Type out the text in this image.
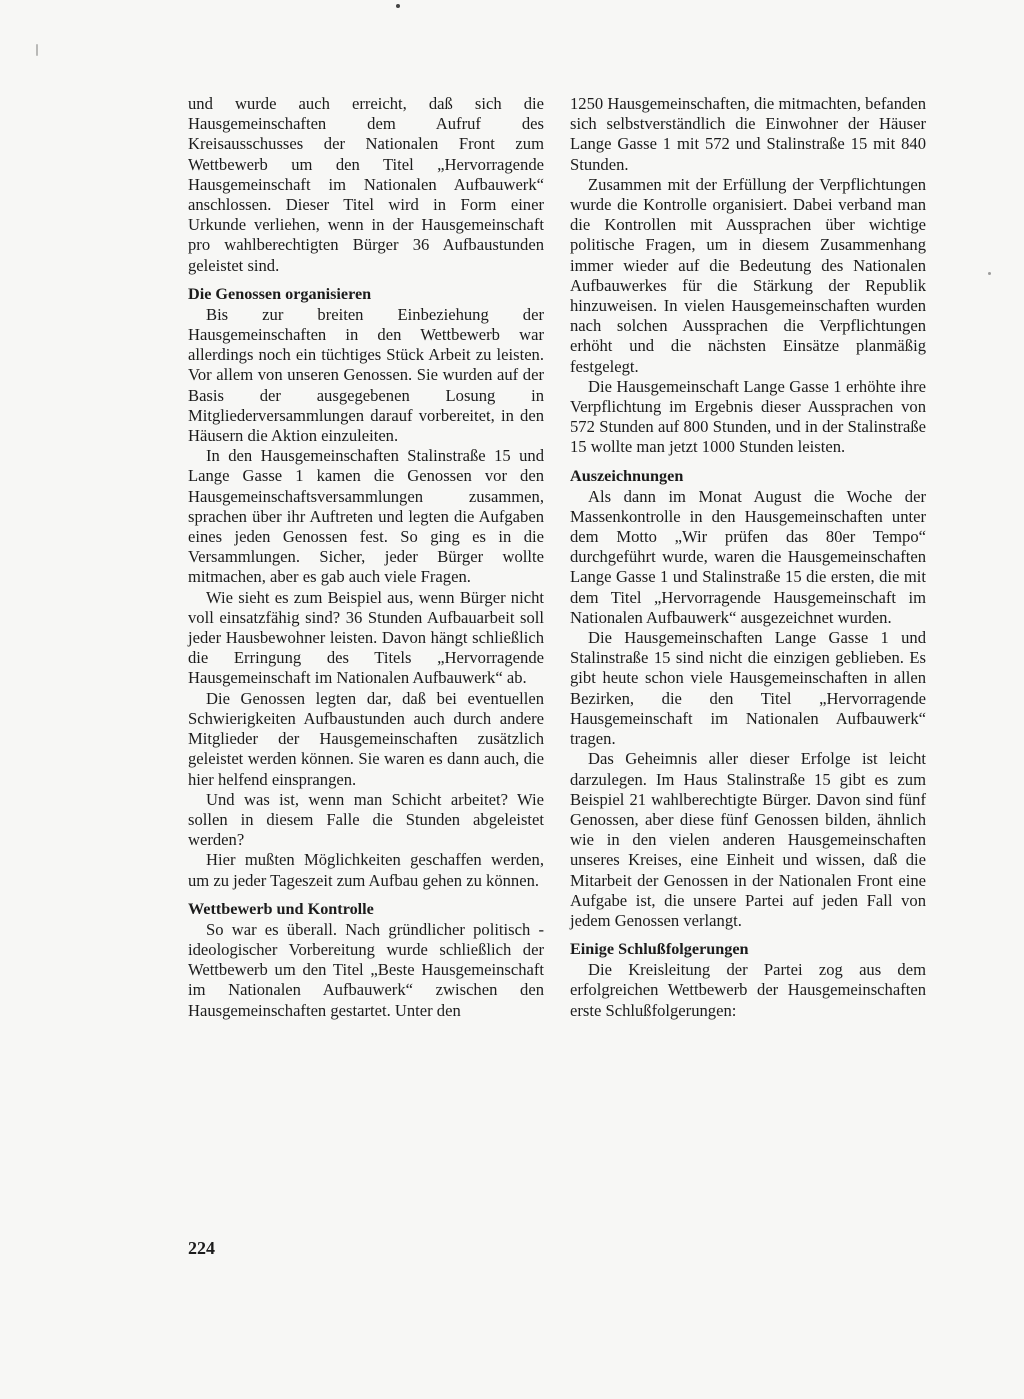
und wurde auch erreicht, daß sich die Hausgemeinschaften dem Aufruf des Kreisausschusses der Nationalen Front zum Wettbewerb um den Titel „Hervorragende Hausgemeinschaft im Nationalen Aufbauwerk“ anschlossen. Dieser Titel wird in Form einer Urkunde verliehen, wenn in der Hausgemeinschaft pro wahlberechtigten Bürger 36 Aufbaustunden geleistet sind.

Die Genossen organisieren

Bis zur breiten Einbeziehung der Hausgemeinschaften in den Wettbewerb war allerdings noch ein tüchtiges Stück Arbeit zu leisten. Vor allem von unseren Genossen. Sie wurden auf der Basis der ausgegebenen Losung in Mitgliederversammlungen darauf vorbereitet, in den Häusern die Aktion einzuleiten.

In den Hausgemeinschaften Stalinstraße 15 und Lange Gasse 1 kamen die Genossen vor den Hausgemeinschaftsversammlungen zusammen, sprachen über ihr Auftreten und legten die Aufgaben eines jeden Genossen fest. So ging es in die Versammlungen. Sicher, jeder Bürger wollte mitmachen, aber es gab auch viele Fragen.

Wie sieht es zum Beispiel aus, wenn Bürger nicht voll einsatzfähig sind? 36 Stunden Aufbauarbeit soll jeder Hausbewohner leisten. Davon hängt schließlich die Erringung des Titels „Hervorragende Hausgemeinschaft im Nationalen Aufbauwerk“ ab.

Die Genossen legten dar, daß bei eventuellen Schwierigkeiten Aufbaustunden auch durch andere Mitglieder der Hausgemeinschaften zusätzlich geleistet werden können. Sie waren es dann auch, die hier helfend einsprangen.

Und was ist, wenn man Schicht arbeitet? Wie sollen in diesem Falle die Stunden abgeleistet werden?

Hier mußten Möglichkeiten geschaffen werden, um zu jeder Tageszeit zum Aufbau gehen zu können.

Wettbewerb und Kontrolle

So war es überall. Nach gründlicher politisch - ideologischer Vorbereitung wurde schließlich der Wettbewerb um den Titel „Beste Hausgemeinschaft im Nationalen Aufbauwerk“ zwischen den Hausgemeinschaften gestartet. Unter den

1250 Hausgemeinschaften, die mitmachten, befanden sich selbstverständlich die Einwohner der Häuser Lange Gasse 1 mit 572 und Stalinstraße 15 mit 840 Stunden.

Zusammen mit der Erfüllung der Verpflichtungen wurde die Kontrolle organisiert. Dabei verband man die Kontrollen mit Aussprachen über wichtige politische Fragen, um in diesem Zusammenhang immer wieder auf die Bedeutung des Nationalen Aufbauwerkes für die Stärkung der Republik hinzuweisen. In vielen Hausgemeinschaften wurden nach solchen Aussprachen die Verpflichtungen erhöht und die nächsten Einsätze planmäßig festgelegt.

Die Hausgemeinschaft Lange Gasse 1 erhöhte ihre Verpflichtung im Ergebnis dieser Aussprachen von 572 Stunden auf 800 Stunden, und in der Stalinstraße 15 wollte man jetzt 1000 Stunden leisten.

Auszeichnungen

Als dann im Monat August die Woche der Massenkontrolle in den Hausgemeinschaften unter dem Motto „Wir prüfen das 80er Tempo“ durchgeführt wurde, waren die Hausgemeinschaften Lange Gasse 1 und Stalinstraße 15 die ersten, die mit dem Titel „Hervorragende Hausgemeinschaft im Nationalen Aufbauwerk“ ausgezeichnet wurden.

Die Hausgemeinschaften Lange Gasse 1 und Stalinstraße 15 sind nicht die einzigen geblieben. Es gibt heute schon viele Hausgemeinschaften in allen Bezirken, die den Titel „Hervorragende Hausgemeinschaft im Nationalen Aufbauwerk“ tragen.

Das Geheimnis aller dieser Erfolge ist leicht darzulegen. Im Haus Stalinstraße 15 gibt es zum Beispiel 21 wahlberechtigte Bürger. Davon sind fünf Genossen, aber diese fünf Genossen bilden, ähnlich wie in den vielen anderen Hausgemeinschaften unseres Kreises, eine Einheit und wissen, daß die Mitarbeit der Genossen in der Nationalen Front eine Aufgabe ist, die unsere Partei auf jeden Fall von jedem Genossen verlangt.

Einige Schlußfolgerungen

Die Kreisleitung der Partei zog aus dem erfolgreichen Wettbewerb der Hausgemeinschaften erste Schlußfolgerungen:

224
